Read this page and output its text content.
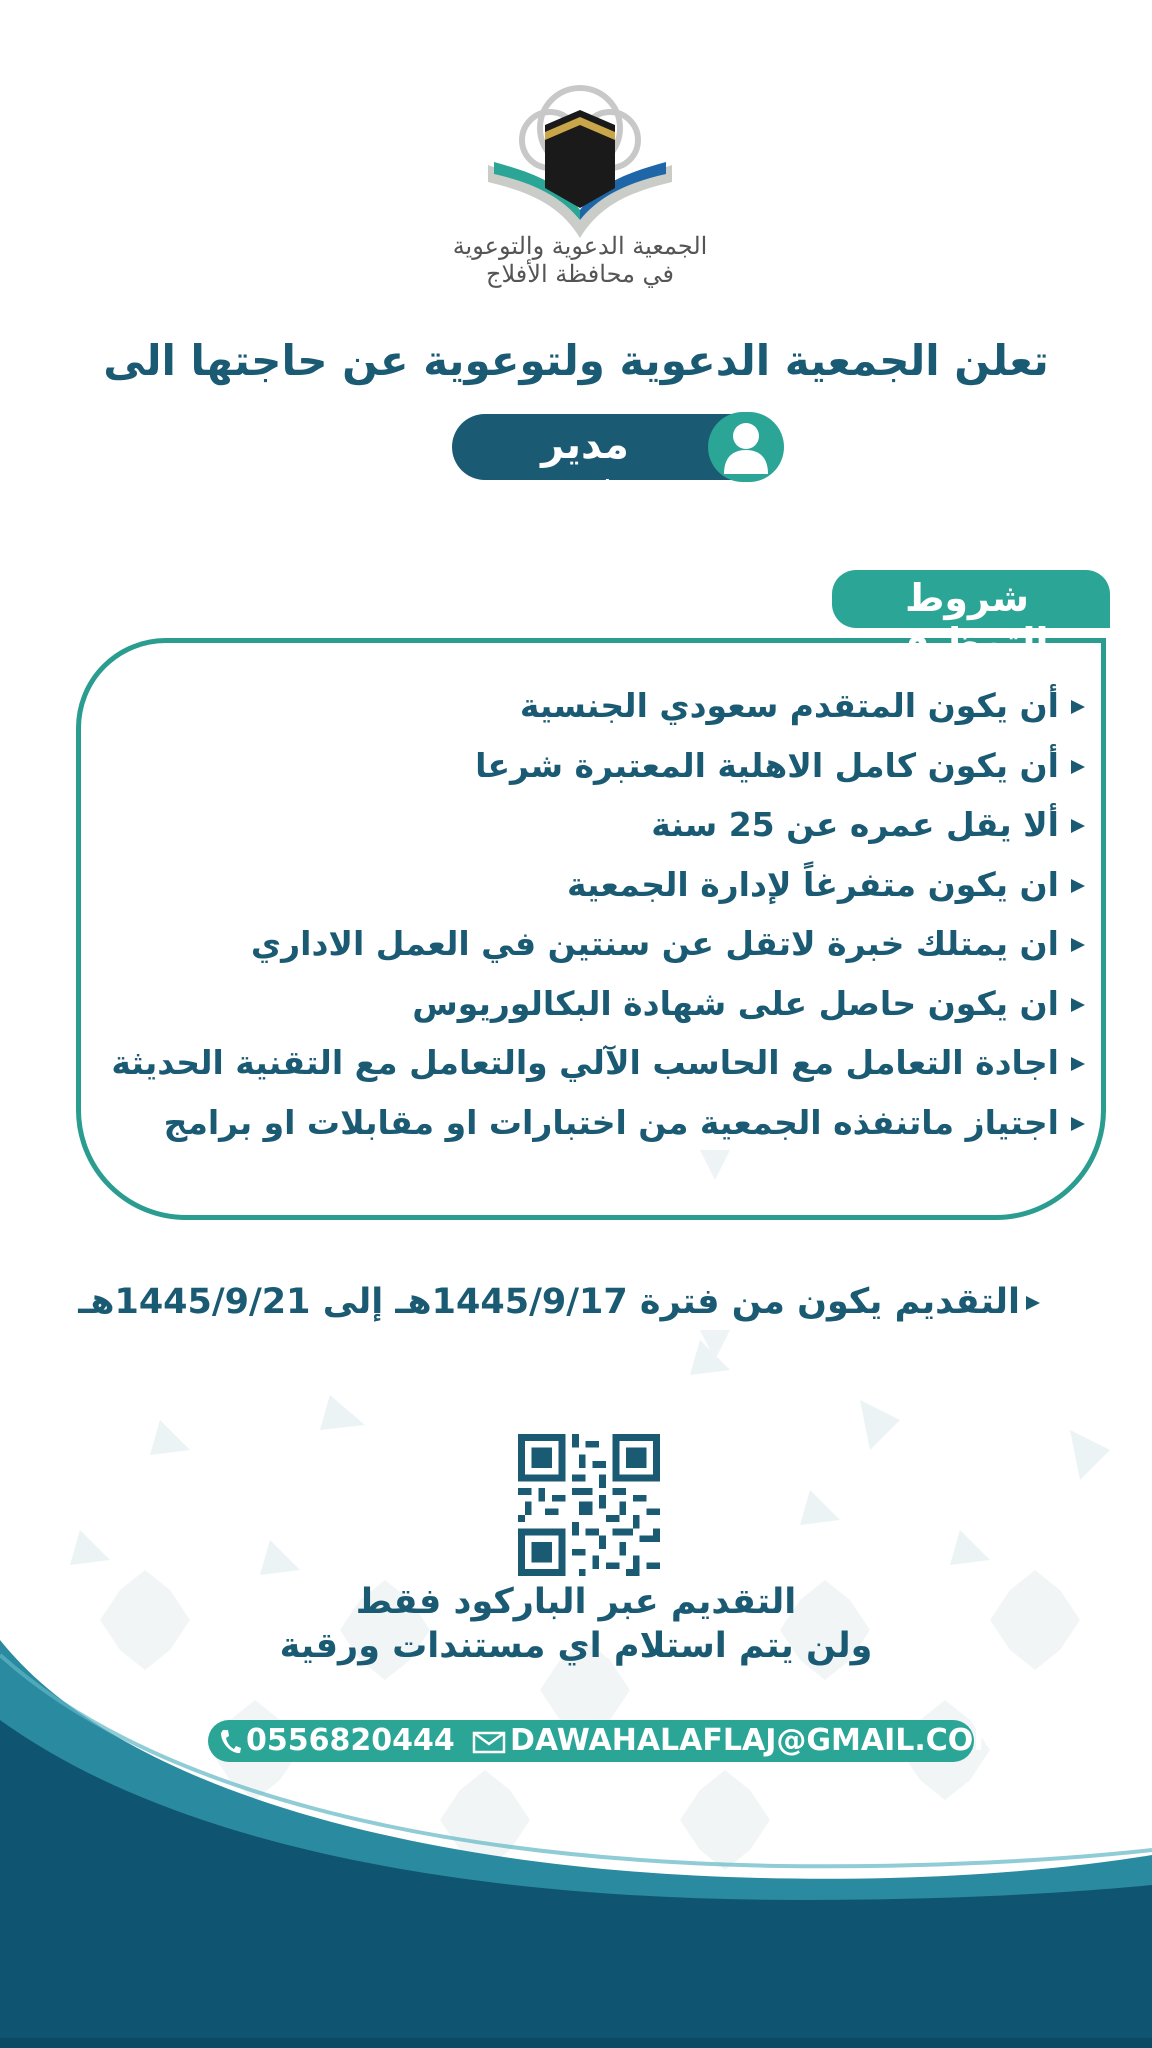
الجمعية الدعوية والتوعوية في محافظة الأفلاج
تعلن الجمعية الدعوية ولتوعوية عن حاجتها الى
مدير تنفيذي
شروط التوظيف
أن يكون المتقدم سعودي الجنسية
أن يكون كامل الاهلية المعتبرة شرعا
ألا يقل عمره عن 25 سنة
ان يكون متفرغاً لإدارة الجمعية
ان يمتلك خبرة لاتقل عن سنتين في العمل الاداري
ان يكون حاصل على شهادة البكالوريوس
اجادة التعامل مع الحاسب الآلي والتعامل مع التقنية الحديثة
اجتياز ماتنفذه الجمعية من اختبارات او مقابلات او برامج
التقديم يكون من فترة 1445/9/17هـ إلى 1445/9/21هـ
التقديم عبر الباركود فقط
ولن يتم استلام اي مستندات ورقية
0556820444	DAWAHALAFLAJ@GMAIL.COM
